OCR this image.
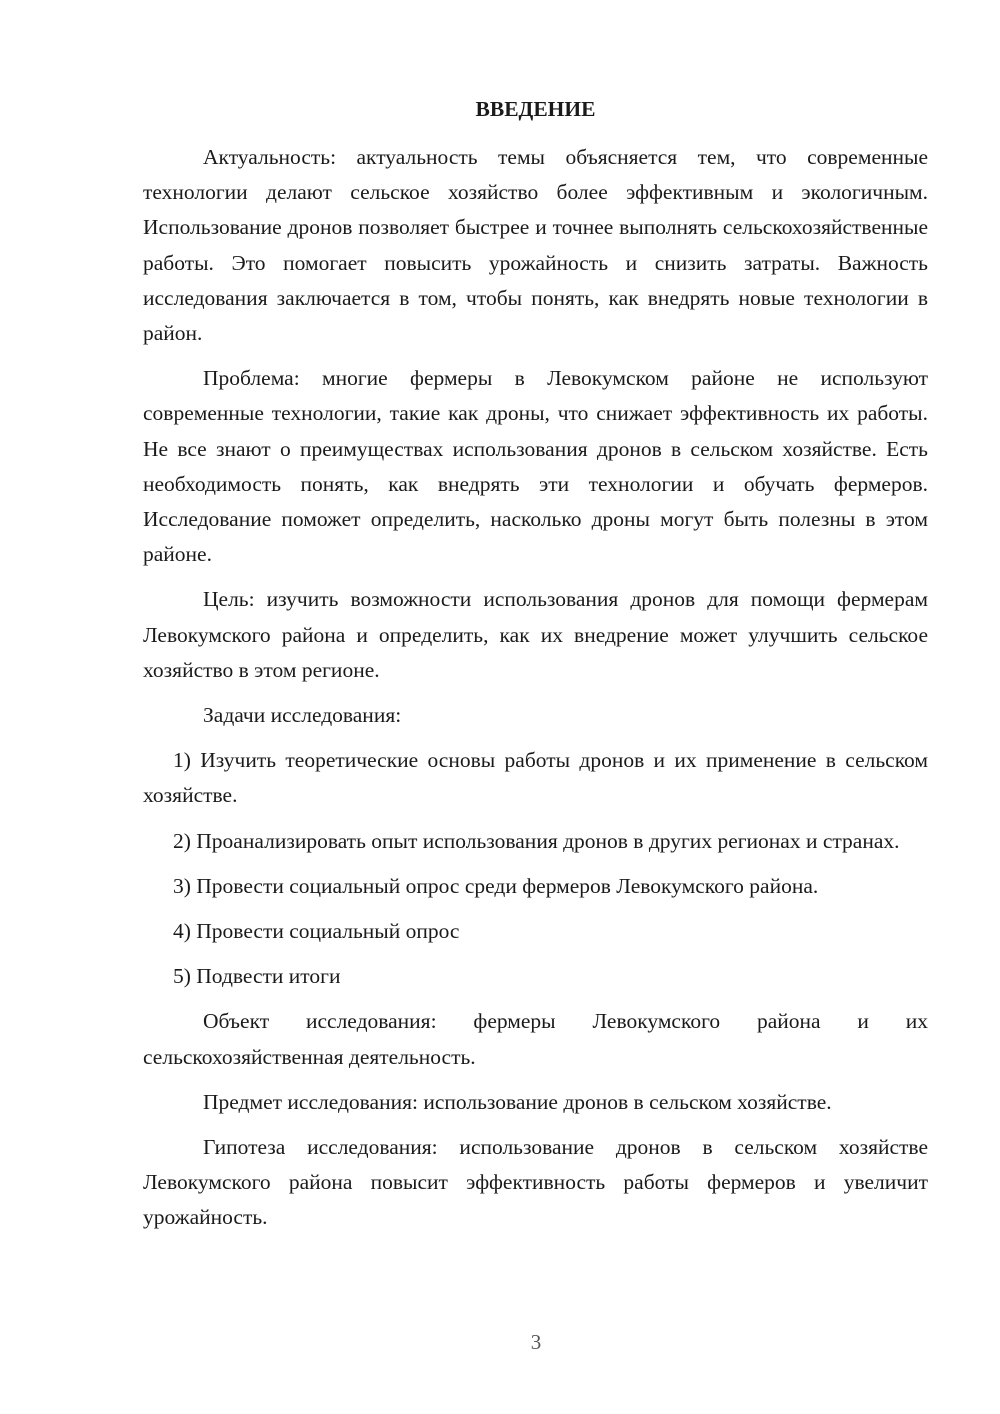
ВВЕДЕНИЕ

Актуальность: актуальность темы объясняется тем, что современные технологии делают сельское хозяйство более эффективным и экологичным. Использование дронов позволяет быстрее и точнее выполнять сельскохозяйственные работы. Это помогает повысить урожайность и снизить затраты. Важность исследования заключается в том, чтобы понять, как внедрять новые технологии в район.

Проблема: многие фермеры в Левокумском районе не используют современные технологии, такие как дроны, что снижает эффективность их работы. Не все знают о преимуществах использования дронов в сельском хозяйстве. Есть необходимость понять, как внедрять эти технологии и обучать фермеров. Исследование поможет определить, насколько дроны могут быть полезны в этом районе.

Цель: изучить возможности использования дронов для помощи фермерам Левокумского района и определить, как их внедрение может улучшить сельское хозяйство в этом регионе.

Задачи исследования:

1) Изучить теоретические основы работы дронов и их применение в сельском хозяйстве.

2) Проанализировать опыт использования дронов в других регионах и странах.

3) Провести социальный опрос среди фермеров Левокумского района.

4) Провести социальный опрос

5) Подвести итоги

Объект исследования: фермеры Левокумского района и их сельскохозяйственная деятельность.

Предмет исследования: использование дронов в сельском хозяйстве.

Гипотеза исследования: использование дронов в сельском хозяйстве Левокумского района повысит эффективность работы фермеров и увеличит урожайность.

3
